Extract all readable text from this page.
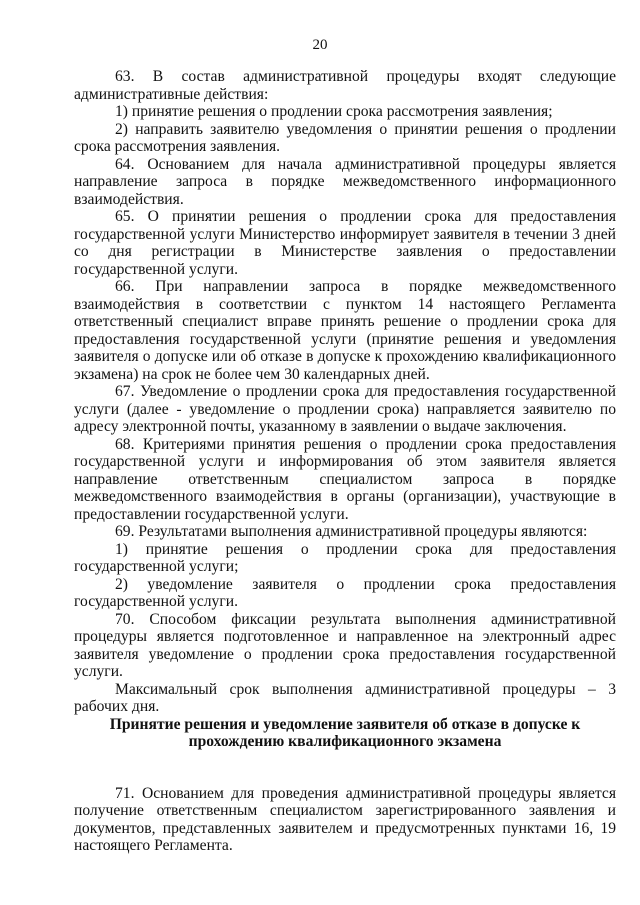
20

63. В состав административной процедуры входят следующие административные действия:

1) принятие решения о продлении срока рассмотрения заявления;

2) направить заявителю уведомления о принятии решения о продлении срока рассмотрения заявления.

64. Основанием для начала административной процедуры является направление запроса в порядке межведомственного информационного взаимодействия.

65. О принятии решения о продлении срока для предоставления государственной услуги Министерство информирует заявителя в течении 3 дней со дня регистрации в Министерстве заявления о предоставлении государственной услуги.

66. При направлении запроса в порядке межведомственного взаимодействия в соответствии с пунктом 14 настоящего Регламента ответственный специалист вправе принять решение о продлении срока для предоставления государственной услуги (принятие решения и уведомления заявителя о допуске или об отказе в допуске к прохождению квалификационного экзамена) на срок не более чем 30 календарных дней.

67. Уведомление о продлении срока для предоставления государственной услуги (далее - уведомление о продлении срока) направляется заявителю по адресу электронной почты, указанному в заявлении о выдаче заключения.

68. Критериями принятия решения о продлении срока предоставления государственной услуги и информирования об этом заявителя является направление ответственным специалистом запроса в порядке межведомственного взаимодействия в органы (организации), участвующие в предоставлении государственной услуги.

69. Результатами выполнения административной процедуры являются:

1) принятие решения о продлении срока для предоставления государственной услуги;

2) уведомление заявителя о продлении срока предоставления государственной услуги.

70. Способом фиксации результата выполнения административной процедуры является подготовленное и направленное на электронный адрес заявителя уведомление о продлении срока предоставления государственной услуги.

Максимальный срок выполнения административной процедуры – 3 рабочих дня.

Принятие решения и уведомление заявителя об отказе в допуске к
прохождению квалификационного экзамена

71. Основанием для проведения административной процедуры является получение ответственным специалистом зарегистрированного заявления и документов, представленных заявителем и предусмотренных пунктами 16, 19 настоящего Регламента.
